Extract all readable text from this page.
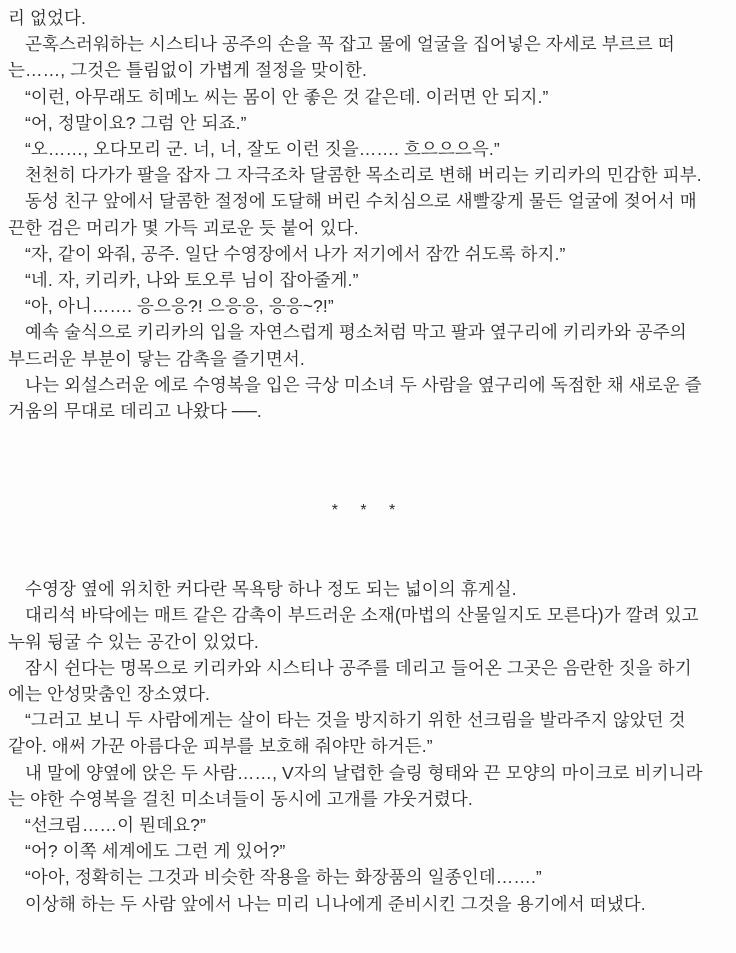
리 없었다.
곤혹스러워하는 시스티나 공주의 손을 꼭 잡고 물에 얼굴을 집어넣은 자세로 부르르 떠
는……, 그것은 틀림없이 가볍게 절정을 맞이한.
“이런, 아무래도 히메노 씨는 몸이 안 좋은 것 같은데. 이러면 안 되지.”
“어, 정말이요? 그럼 안 되죠.”
“오……, 오다모리 군. 너, 너, 잘도 이런 짓을……. 흐으으으윽.”
천천히 다가가 팔을 잡자 그 자극조차 달콤한 목소리로 변해 버리는 키리카의 민감한 피부.
동성 친구 앞에서 달콤한 절정에 도달해 버린 수치심으로 새빨갛게 물든 얼굴에 젖어서 매
끈한 검은 머리가 몇 가득 괴로운 듯 붙어 있다.
“자, 같이 와줘, 공주. 일단 수영장에서 나가 저기에서 잠깐 쉬도록 하지.”
“네. 자, 키리카, 나와 토오루 님이 잡아줄게.”
“아, 아니……. 응으응?! 으응응, 응응~?!”
예속 술식으로 키리카의 입을 자연스럽게 평소처럼 막고 팔과 옆구리에 키리카와 공주의
부드러운 부분이 닿는 감촉을 즐기면서.
나는 외설스러운 에로 수영복을 입은 극상 미소녀 두 사람을 옆구리에 독점한 채 새로운 즐
거움의 무대로 데리고 나왔다 ──.
* * *
수영장 옆에 위치한 커다란 목욕탕 하나 정도 되는 넓이의 휴게실.
대리석 바닥에는 매트 같은 감촉이 부드러운 소재(마법의 산물일지도 모른다)가 깔려 있고
누워 뒹굴 수 있는 공간이 있었다.
잠시 쉰다는 명목으로 키리카와 시스티나 공주를 데리고 들어온 그곳은 음란한 짓을 하기
에는 안성맞춤인 장소였다.
“그러고 보니 두 사람에게는 살이 타는 것을 방지하기 위한 선크림을 발라주지 않았던 것
같아. 애써 가꾼 아름다운 피부를 보호해 줘야만 하거든.”
내 말에 양옆에 앉은 두 사람……, V자의 날렵한 슬링 형태와 끈 모양의 마이크로 비키니라
는 야한 수영복을 걸친 미소녀들이 동시에 고개를 갸웃거렸다.
“선크림……이 뭔데요?”
“어? 이쪽 세계에도 그런 게 있어?”
“아아, 정확히는 그것과 비슷한 작용을 하는 화장품의 일종인데…….”
이상해 하는 두 사람 앞에서 나는 미리 니나에게 준비시킨 그것을 용기에서 떠냈다.
